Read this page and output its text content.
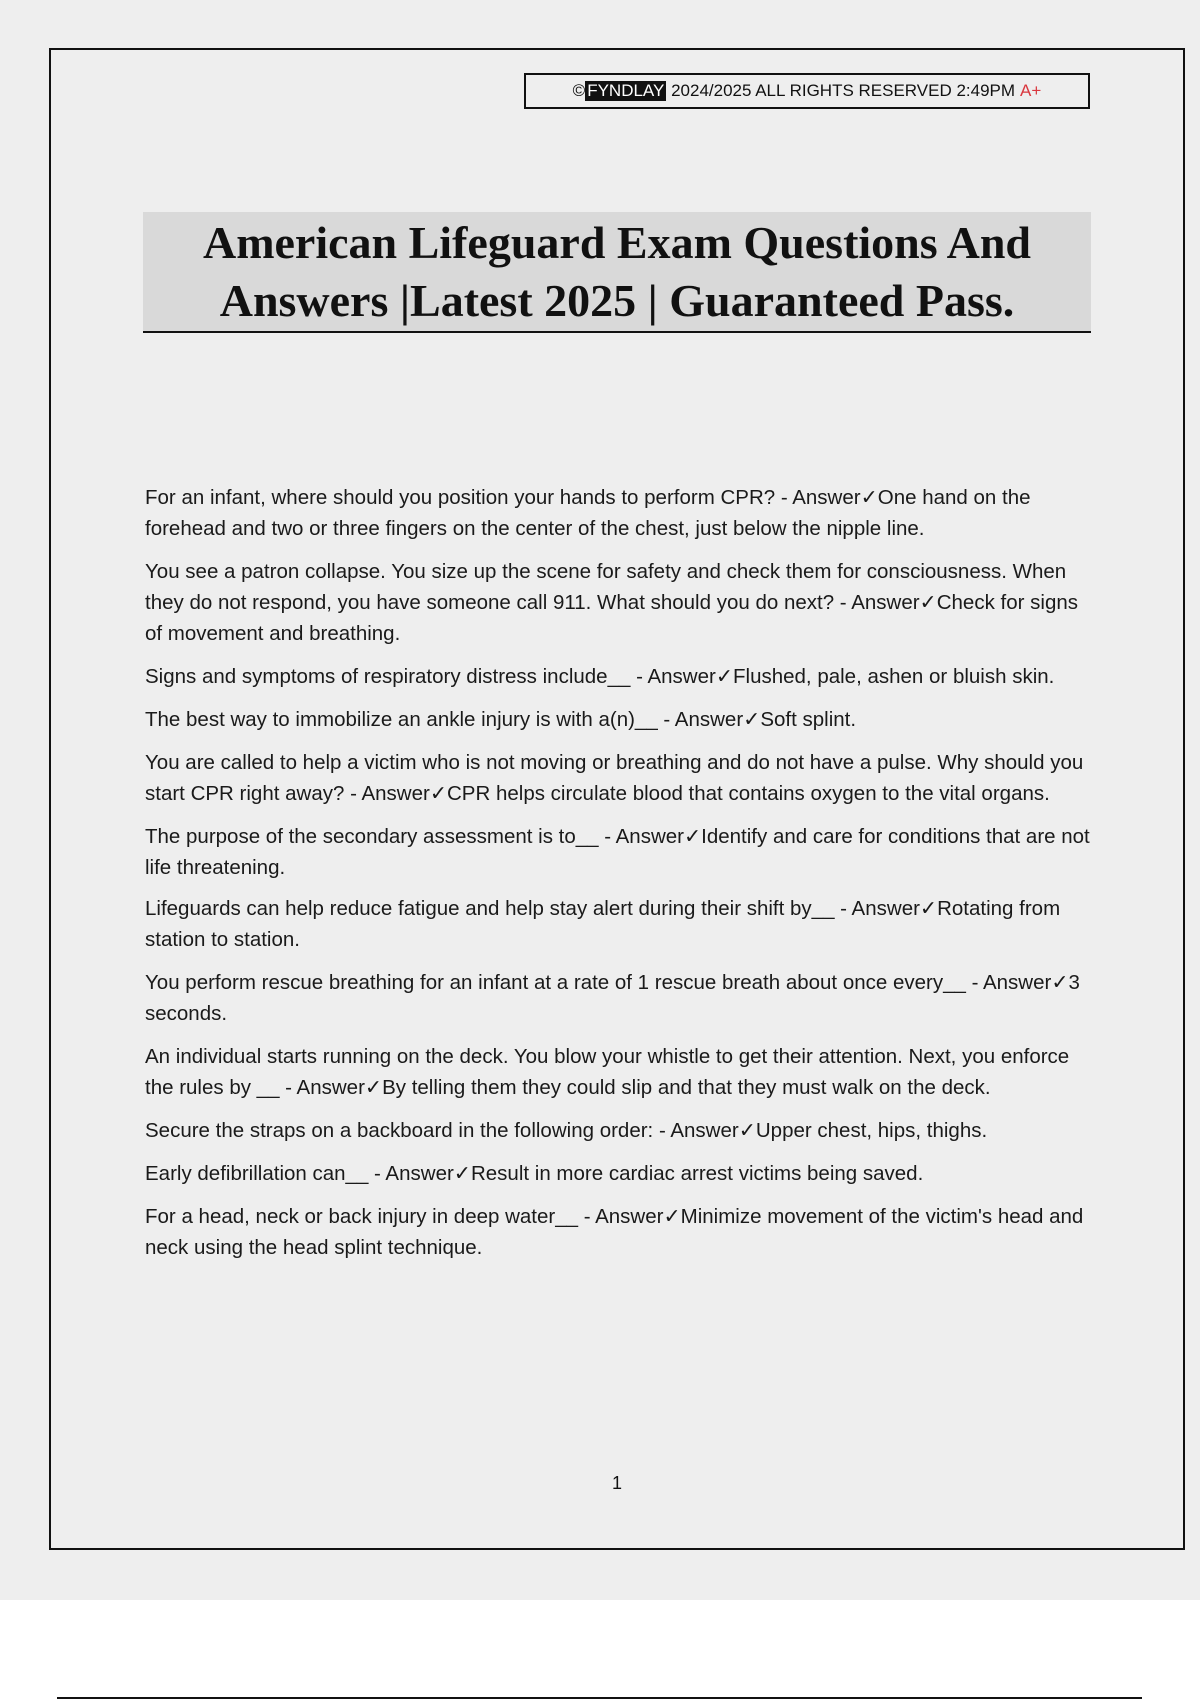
© FYNDLAY
2024/2025 ALL RIGHTS RESERVED 2:49PM A+
American Lifeguard Exam Questions And Answers |Latest 2025 | Guaranteed Pass.
For an infant, where should you position your hands to perform CPR? - Answer✓One hand on the forehead and two or three fingers on the center of the chest, just below the nipple line.
You see a patron collapse. You size up the scene for safety and check them for consciousness. When they do not respond, you have someone call 911. What should you do next? - Answer✓Check for signs of movement and breathing.
Signs and symptoms of respiratory distress include__ - Answer✓Flushed, pale, ashen or bluish skin.
The best way to immobilize an ankle injury is with a(n)__ - Answer✓Soft splint.
You are called to help a victim who is not moving or breathing and do not have a pulse. Why should you start CPR right away? - Answer✓CPR helps circulate blood that contains oxygen to the vital organs.
The purpose of the secondary assessment is to__ - Answer✓Identify and care for conditions that are not life threatening.
Lifeguards can help reduce fatigue and help stay alert during their shift by__ - Answer✓Rotating from station to station.
You perform rescue breathing for an infant at a rate of 1 rescue breath about once every__ - Answer✓3 seconds.
An individual starts running on the deck. You blow your whistle to get their attention. Next, you enforce the rules by __ - Answer✓By telling them they could slip and that they must walk on the deck.
Secure the straps on a backboard in the following order: - Answer✓Upper chest, hips, thighs.
Early defibrillation can__ - Answer✓Result in more cardiac arrest victims being saved.
For a head, neck or back injury in deep water__ - Answer✓Minimize movement of the victim's head and neck using the head splint technique.
1
